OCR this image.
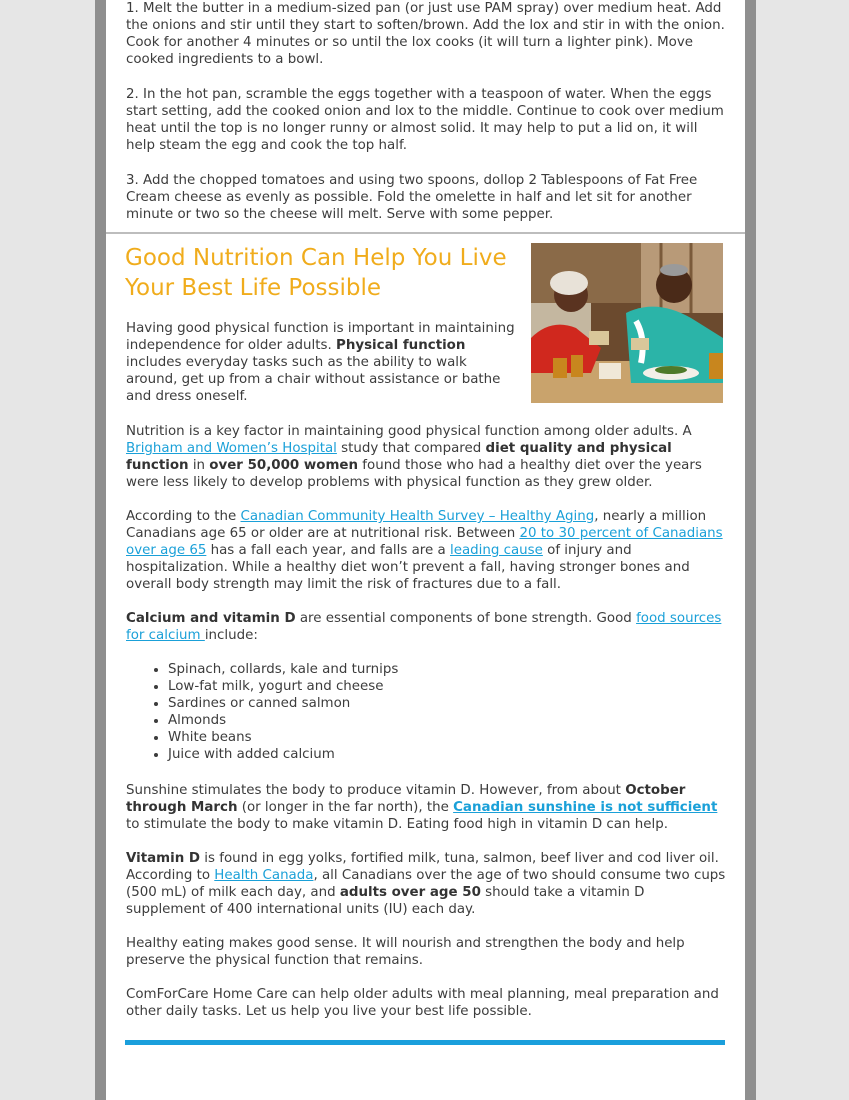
1. Melt the butter in a medium-sized pan (or just use PAM spray) over medium heat. Add the onions and stir until they start to soften/brown. Add the lox and stir in with the onion. Cook for another 4 minutes or so until the lox cooks (it will turn a lighter pink). Move cooked ingredients to a bowl.

2. In the hot pan, scramble the eggs together with a teaspoon of water. When the eggs start setting, add the cooked onion and lox to the middle. Continue to cook over medium heat until the top is no longer runny or almost solid. It may help to put a lid on, it will help steam the egg and cook the top half.

3. Add the chopped tomatoes and using two spoons, dollop 2 Tablespoons of Fat Free Cream cheese as evenly as possible. Fold the omelette in half and let sit for another minute or two so the cheese will melt. Serve with some pepper.

Good Nutrition Can Help You Live Your Best Life Possible
Having good physical function is important in maintaining independence for older adults. Physical function includes everyday tasks such as the ability to walk around, get up from a chair without assistance or bathe and dress oneself.
Nutrition is a key factor in maintaining good physical function among older adults. A Brigham and Women’s Hospital study that compared diet quality and physical function in over 50,000 women found those who had a healthy diet over the years were less likely to develop problems with physical function as they grew older.
According to the Canadian Community Health Survey – Healthy Aging, nearly a million Canadians age 65 or older are at nutritional risk. Between 20 to 30 percent of Canadians over age 65 has a fall each year, and falls are a leading cause of injury and hospitalization. While a healthy diet won’t prevent a fall, having stronger bones and overall body strength may limit the risk of fractures due to a fall.
Calcium and vitamin D are essential components of bone strength. Good food sources for calcium include:
• Spinach, collards, kale and turnips
• Low-fat milk, yogurt and cheese
• Sardines or canned salmon
• Almonds
• White beans
• Juice with added calcium
Sunshine stimulates the body to produce vitamin D. However, from about October through March (or longer in the far north), the Canadian sunshine is not sufficient to stimulate the body to make vitamin D. Eating food high in vitamin D can help.
Vitamin D is found in egg yolks, fortified milk, tuna, salmon, beef liver and cod liver oil. According to Health Canada, all Canadians over the age of two should consume two cups (500 mL) of milk each day, and adults over age 50 should take a vitamin D supplement of 400 international units (IU) each day.

Healthy eating makes good sense. It will nourish and strengthen the body and help preserve the physical function that remains.

ComForCare Home Care can help older adults with meal planning, meal preparation and other daily tasks. Let us help you live your best life possible.
